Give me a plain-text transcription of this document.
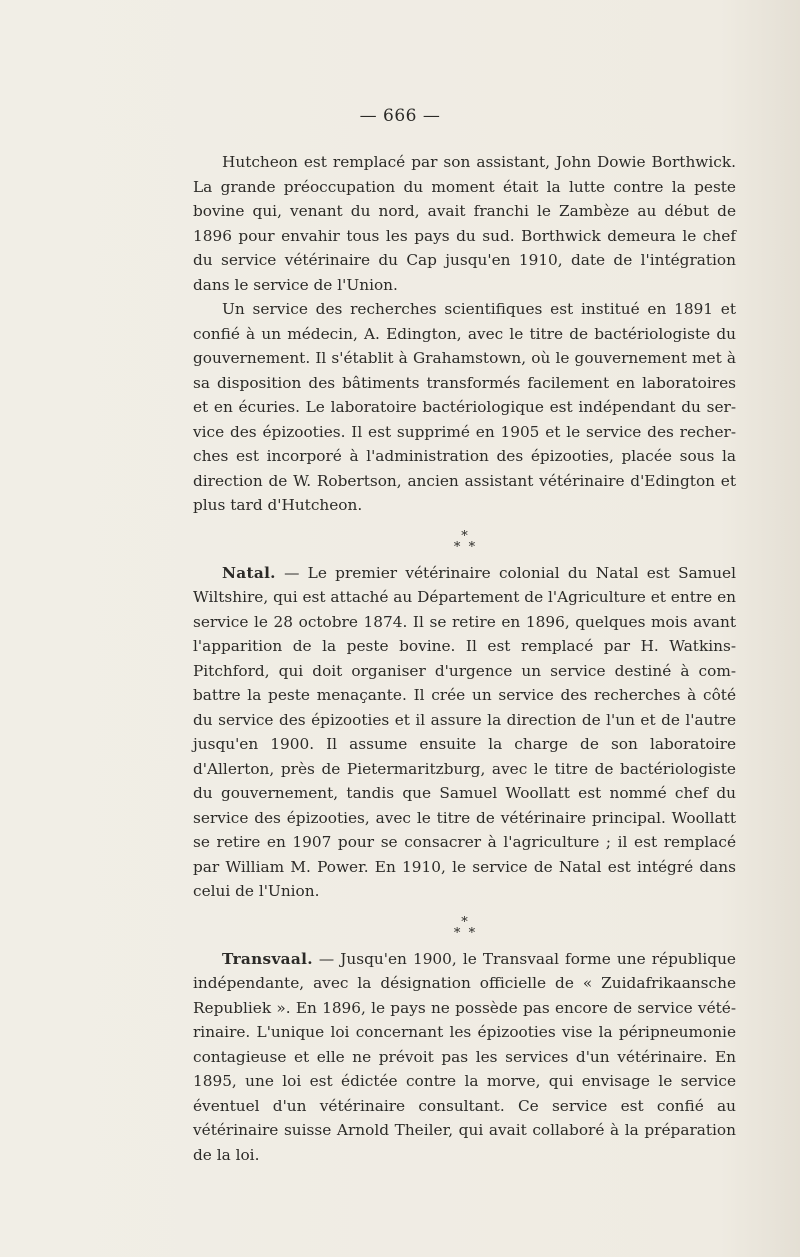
— 666 —

Hutcheon est remplacé par son assistant, John Dowie Borthwick. La grande préoccupation du moment était la lutte contre la peste bovine qui, venant du nord, avait franchi le Zambèze au début de 1896 pour envahir tous les pays du sud. Borthwick demeura le chef du service vétérinaire du Cap jusqu'en 1910, date de l'intégration dans le service de l'Union.

Un service des recherches scientifiques est institué en 1891 et confié à un médecin, A. Edington, avec le titre de bactériologiste du gouvernement. Il s'établit à Grahamstown, où le gouvernement met à sa disposition des bâtiments transformés facilement en laboratoires et en écuries. Le laboratoire bactériologique est indépendant du service des épizooties. Il est supprimé en 1905 et le service des recherches est incorporé à l'administration des épizooties, placée sous la direction de W. Robertson, ancien assistant vétérinaire d'Edington et plus tard d'Hutcheon.

*
*  *

Natal. — Le premier vétérinaire colonial du Natal est Samuel Wiltshire, qui est attaché au Département de l'Agriculture et entre en service le 28 octobre 1874. Il se retire en 1896, quelques mois avant l'apparition de la peste bovine. Il est remplacé par H. Watkins-Pitchford, qui doit organiser d'urgence un service destiné à combattre la peste menaçante. Il crée un service des recherches à côté du service des épizooties et il assure la direction de l'un et de l'autre jusqu'en 1900. Il assume ensuite la charge de son laboratoire d'Allerton, près de Pietermaritzburg, avec le titre de bactériologiste du gouvernement, tandis que Samuel Woollatt est nommé chef du service des épizooties, avec le titre de vétérinaire principal. Woollatt se retire en 1907 pour se consacrer à l'agriculture ; il est remplacé par William M. Power. En 1910, le service de Natal est intégré dans celui de l'Union.

*
*  *

Transvaal. — Jusqu'en 1900, le Transvaal forme une république indépendante, avec la désignation officielle de « Zuidafrikaansche Republiek ». En 1896, le pays ne possède pas encore de service vétérinaire. L'unique loi concernant les épizooties vise la péripneumonie contagieuse et elle ne prévoit pas les services d'un vétérinaire. En 1895, une loi est édictée contre la morve, qui envisage le service éventuel d'un vétérinaire consultant. Ce service est confié au vétérinaire suisse Arnold Theiler, qui avait collaboré à la préparation de la loi.
